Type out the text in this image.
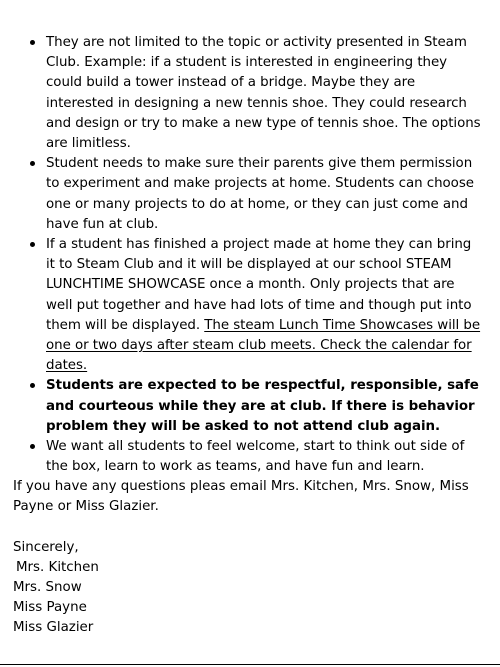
They are not limited to the topic or activity presented in Steam Club. Example: if a student is interested in engineering they could build a tower instead of a bridge. Maybe they are interested in designing a new tennis shoe. They could research and design or try to make a new type of tennis shoe. The options are limitless.
Student needs to make sure their parents give them permission to experiment and make projects at home. Students can choose one or many projects to do at home, or they can just come and have fun at club.
If a student has finished a project made at home they can bring it to Steam Club and it will be displayed at our school STEAM LUNCHTIME SHOWCASE once a month. Only projects that are well put together and have had lots of time and though put into them will be displayed. The steam Lunch Time Showcases will be one or two days after steam club meets. Check the calendar for dates.
Students are expected to be respectful, responsible, safe and courteous while they are at club. If there is behavior problem they will be asked to not attend club again.
We want all students to feel welcome, start to think out side of the box, learn to work as teams, and have fun and learn.

If you have any questions pleas email Mrs. Kitchen, Mrs. Snow, Miss Payne or Miss Glazier.

Sincerely,
Mrs. Kitchen
Mrs. Snow
Miss Payne
Miss Glazier
